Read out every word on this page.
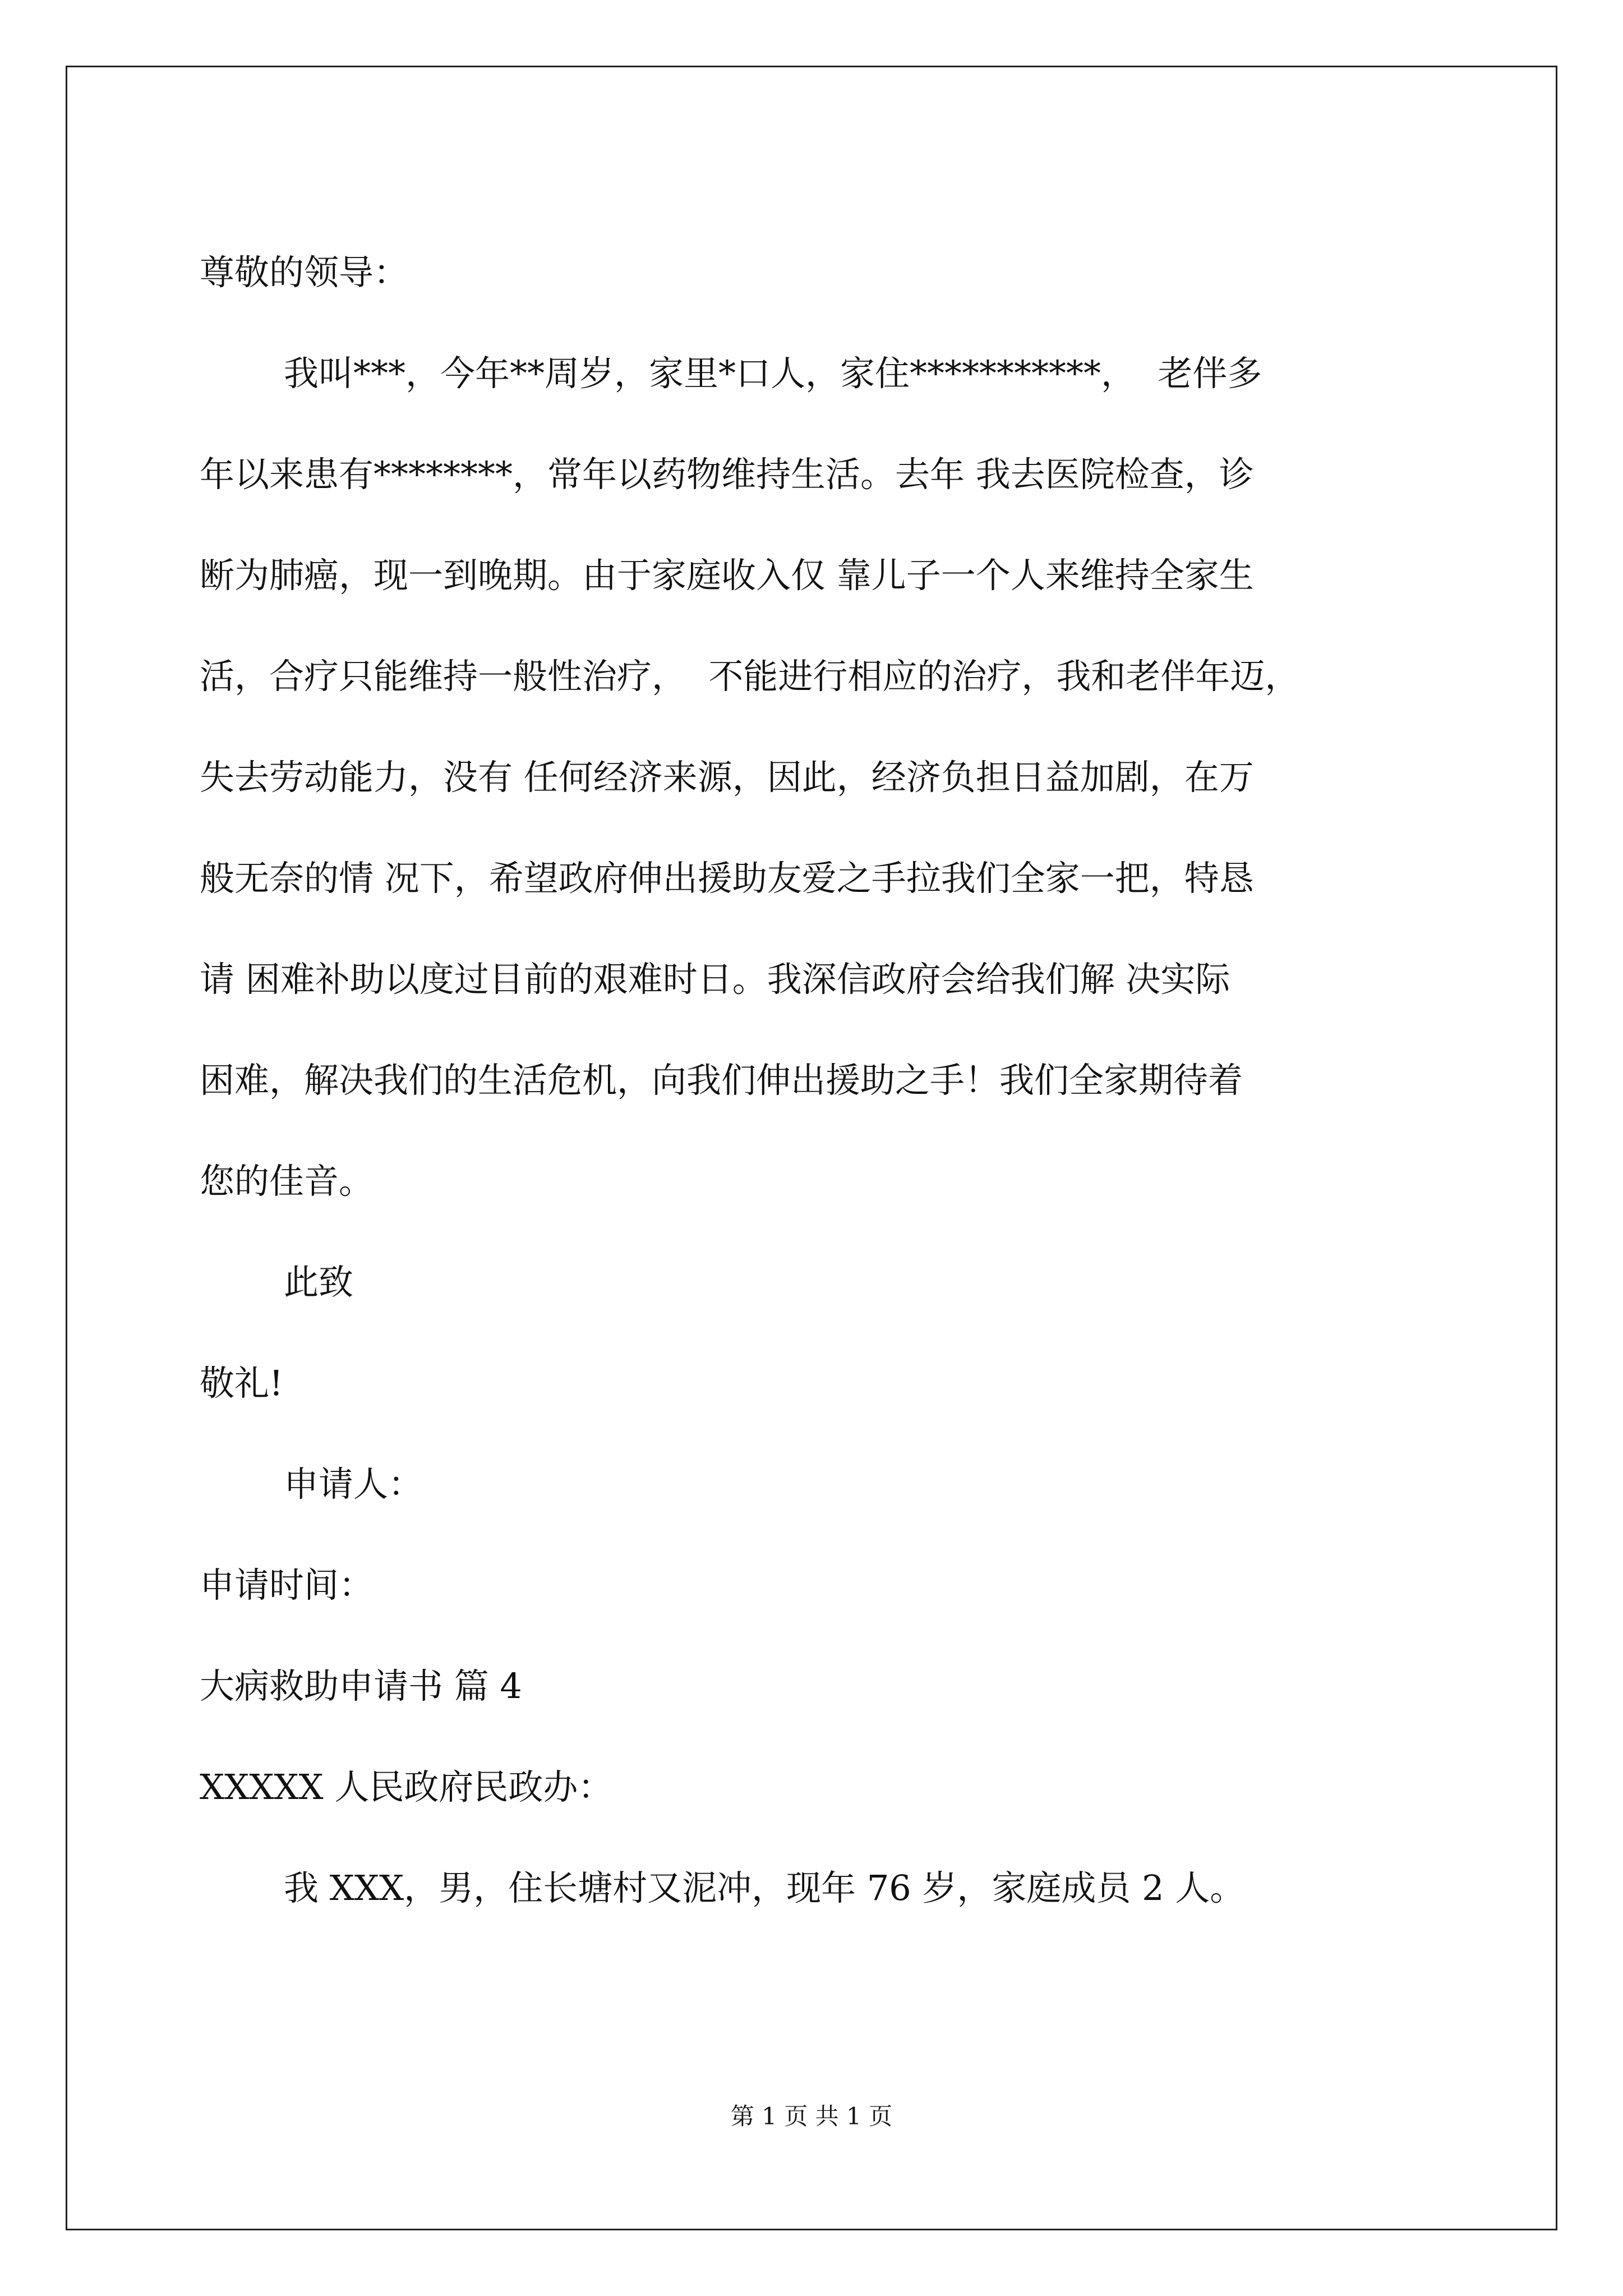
尊敬的领导：
我叫***，今年**周岁，家里*口人，家住***********，  老伴多
年以来患有********，常年以药物维持生活。去年 我去医院检查，诊
断为肺癌，现一到晚期。由于家庭收入仅 靠儿子一个人来维持全家生
活，合疗只能维持一般性治疗，  不能进行相应的治疗，我和老伴年迈，
失去劳动能力，没有 任何经济来源，因此，经济负担日益加剧，在万
般无奈的情 况下，希望政府伸出援助友爱之手拉我们全家一把，特恳
请 困难补助以度过目前的艰难时日。我深信政府会给我们解 决实际
困难，解决我们的生活危机，向我们伸出援助之手！我们全家期待着
您的佳音。
此致
敬礼!
申请人：
申请时间：
大病救助申请书 篇 4
XXXXX 人民政府民政办：
我 XXX，男，住长塘村又泥冲，现年 76 岁，家庭成员 2 人。
第 1 页 共 1 页
